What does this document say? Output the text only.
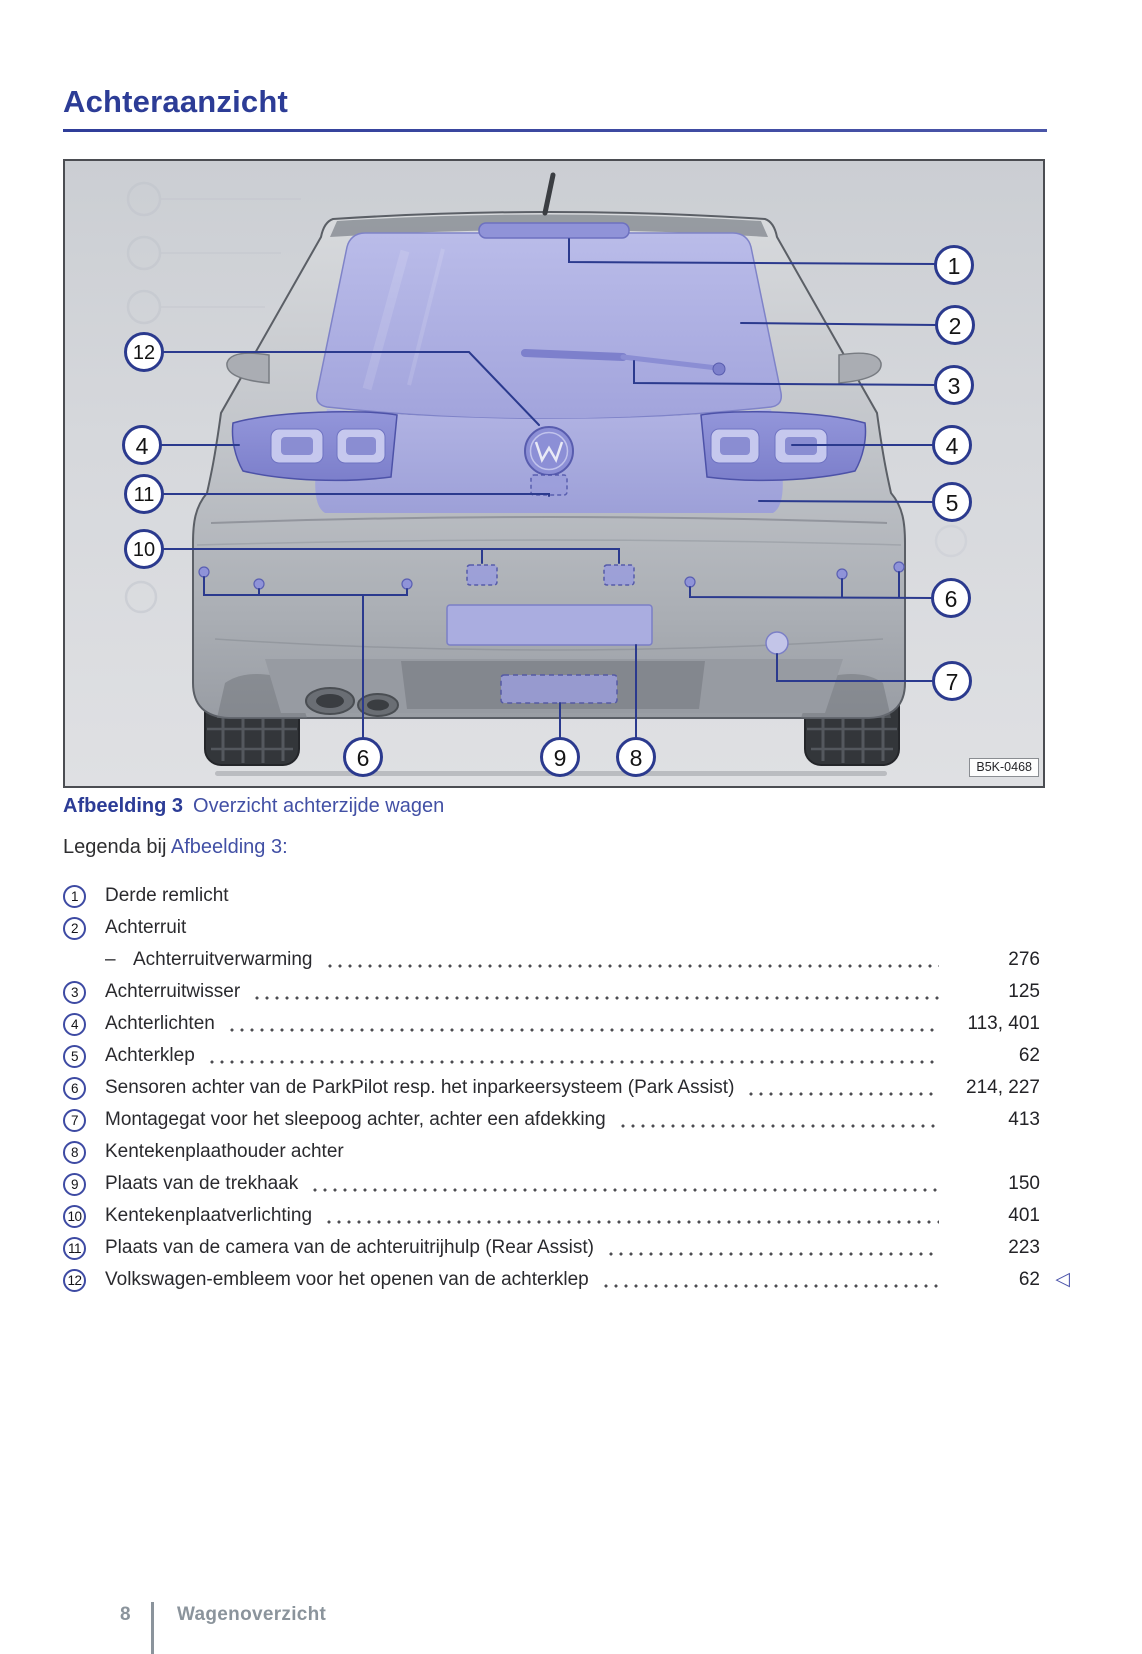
Achteraanzicht
1
2
3
4
5
6
7
12
4
11
10
6	9	8	B5K-0468
Afbeelding 3 Overzicht achterzijde wagen
Legenda bij Afbeelding 3:
1	Derde remlicht
2	Achterruit
– Achterruitverwarming	276
3	Achterruitwisser	125
4	Achterlichten	113, 401
5	Achterklep	62
6	Sensoren achter van de ParkPilot resp. het inparkeersysteem (Park Assist)	214, 227
7	Montagegat voor het sleepoog achter, achter een afdekking	413
8	Kentekenplaathouder achter
9	Plaats van de trekhaak	150
10 Kentekenplaatverlichting	401
11 Plaats van de camera van de achteruitrijhulp (Rear Assist)	223
12 Volkswagen-embleem voor het openen van de achterklep	62 ◁
8 Wagenoverzicht
